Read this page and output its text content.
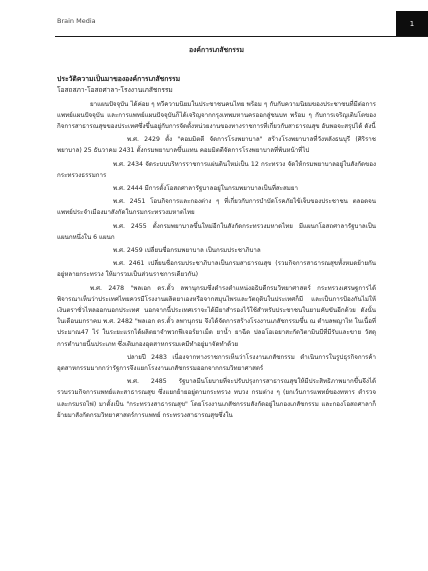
Brain Media	1

องค์การเภสัชกรรม

ประวัติความเป็นมาขององค์การเภสัชกรรม

โอสถสภา-โอสถศาลา-โรงงานเภสัชกรรม

ยาแผนปัจจุบัน ได้ค่อย ๆ ทวีความนิยมในประชาชนคนไทย พร้อม ๆ กับกับความนิยมของประชาชนที่มีต่อการแพทย์แผนปัจจุบัน และการแพทย์แผนปัจจุบันก็ได้เจริญจากกรุงเทพมหานครออกสู่ชนบท พร้อม ๆ กับการเจริญเติบโตของกิจการสาธารณสุขของประเทศซึ่งขึ้นอยู่กับการจัดตั้งหน่วยงานของทางราชการที่เกี่ยวกับสาธารณสุข อันพอจะสรุปได้ ดังนี้

พ.ศ. 2429 ตั้ง "คอมมิตตี จัดการโรงพยาบาล" สร้างโรงพยาบาลที่วังหลังธนบุรี (ศิริราชพยาบาล) 25 ธันวาคม 2431 ตั้งกรมพยาบาลขึ้นแทน คอมมิตตีจัดการโรงพยาบาลที่พ้นหน้าที่ไป

พ.ศ. 2434 จัดระบบบริหารราชการแผ่นดินใหม่เป็น 12 กระทรวง จัดให้กรมพยาบาลอยู่ในสังกัดของกระทรวงธรรมการ

พ.ศ. 2444 มีการตั้งโอสถศาลารัฐบาลอยู่ในกรมพยาบาลเป็นที่สะสมยา

พ.ศ. 2451 โอนกิจการและกองต่าง ๆ ที่เกี่ยวกับการบำบัดโรคภัยไข้เจ็บของประชาชน ตลอดจนแพทย์ประจำเมืองมาสังกัดในกรมกระทรวงมหาดไทย

พ.ศ. 2455 ตั้งกรมพยาบาลขึ้นใหม่อีกในสังกัดกระทรวงมหาดไทย มีแผนกโอสถศาลารัฐบาลเป็นแผนกหนึ่งใน 6 แผนก

พ.ศ. 2459 เปลี่ยนชื่อกรมพยาบาล เป็นกรมประชาภิบาล

พ.ศ. 2461 เปลี่ยนชื่อกรมประชาภิบาลเป็นกรมสาธารณสุข (รวมกิจการสาธารณสุขทั้งหมดย้ายกันอยู่หลายกระทรวง ให้มารวมเป็นส่วนราชการเดียวกัน)

พ.ศ. 2478 "พลเอก ดร.ตั้ว ลพานุกรมซึ่งดำรงตำแหน่งอธิบดีกรมวิทยาศาสตร์ กระทรวงเศรษฐการได้พิจารณาเห็นว่าประเทศไทยควรมีโรงงานผลิตยาเองหรือจากสมุนไพรและวัตถุดิบในประเทศก็มี และเป็นการป้องกันไม่ให้เงินตราชั่วไหลออกนอกประเทศ นอกจากนี้ประเทศเราจะได้มียาสำรองไว้ใช้สำหรับประชาชนในยามคับขันอีกด้วย ดังนั้นในเดือนมกราคม พ.ศ. 2482 "พลเอก ดร.ตั้ว ลพานุกรม จึงได้จัดการสร้างโรงงานเภสัชกรรมขึ้น ณ ตำบลพญาไท ในเนื้อที่ประมาณ47 ไร่ ในระยะแรกได้ผลิตยาจำพวกฟีเจอร์ยาเม็ด ยาน้ำ ยาฉีด ปลอโอเอยาสะกัดวิตามินบีที่มีรับและขาย วัสดุการตำนายนี้นประเภท ซึ่งเติมกองอุตสาหกรรมเคมีทำอยู่มาจัดทำด้วย

ปลายปี 2483 เนื่องจากทางราชการเห็นว่าโรงงานเภสัชกรรม ดำเนินการในรูปธุรกิจการค้า อุตสาหกรรมมากกว่ารัฐการจึงแยกโรงงานเภสัชกรรมออกจากกรมวิทยาศาสตร์

พ.ศ. 2485 รัฐบาลมีนโยบายที่จะปรับปรุงการสาธารณสุขให้มีประสิทธิภาพมากขึ้นจึงได้รวบรวมกิจการแพทย์และสาธารณสุข ซึ่งแยกย้ายอยู่ตามกระทรวง ทบวง กรมต่าง ๆ (ยกเว้นการแพทย์ของทหาร ตำรวจ และกรมรถไฟ) มาตั้งเป็น "กระทรวงสาธารณสุข" โดยโรงงานเภสัชกรรมสังกัดอยู่ในกองเภสัชกรรม และกองโอสถศาลาก็ย้ายมาสังกัดกรมวิทยาศาสตร์การแพทย์ กระทรวงสาธารณสุขซึ่งใน
